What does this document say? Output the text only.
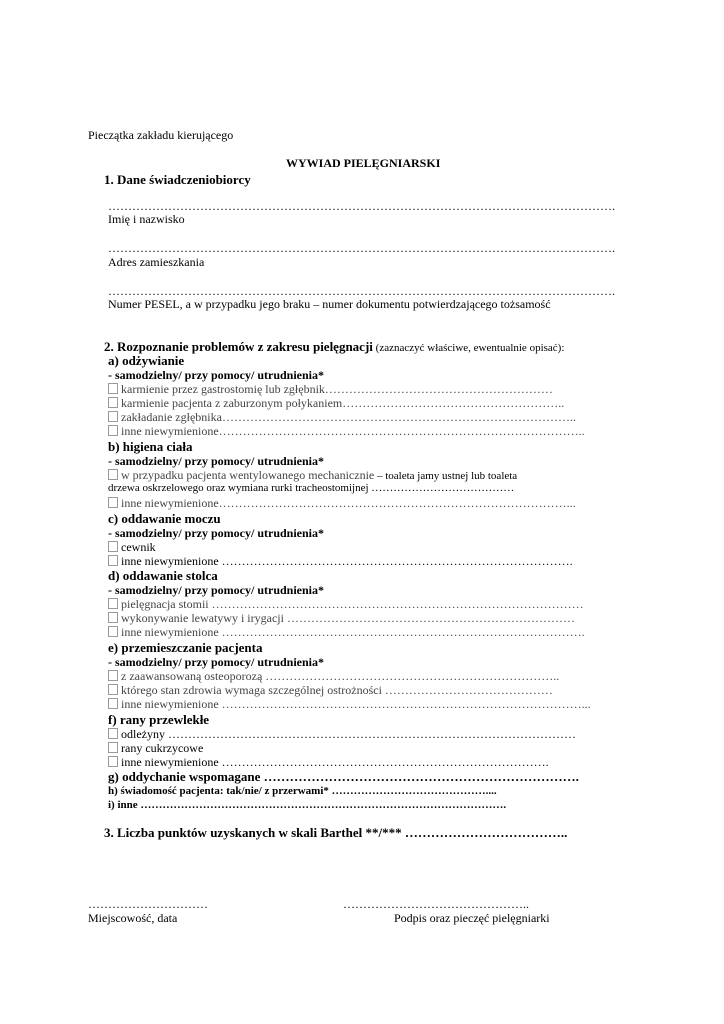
Pieczątka zakładu kierującego
WYWIAD PIELĘGNIARSKI
1. Dane świadczeniobiorcy
……………………………………………………………………………………………………………….
Imię i nazwisko
……………………………………………………………………………………………………………….
Adres zamieszkania
……………………………………………………………………………………………………………….
Numer PESEL, a w przypadku jego braku – numer dokumentu potwierdzającego tożsamość
2. Rozpoznanie problemów z zakresu pielęgnacji (zaznaczyć właściwe, ewentualnie opisać):
a) odżywianie
- samodzielny/ przy pomocy/ utrudnienia*
karmienie przez gastrostomię lub zgłębnik…………………………………………………
karmienie pacjenta z zaburzonym połykaniem………………………………………………..
zakładanie zgłębnika……………………………………………………………………………..
inne niewymienione………………………………………………………………………………..
b) higiena ciała
- samodzielny/ przy pomocy/ utrudnienia*
w przypadku pacjenta wentylowanego mechanicznie – toaleta jamy ustnej lub toaleta
drzewa oskrzelowego oraz wymiana rurki tracheostomijnej …………………………………
inne niewymienione……………………………………………………………………………...
c) oddawanie moczu
- samodzielny/ przy pomocy/ utrudnienia*
cewnik
inne niewymienione …………………………………………………………………………….
d) oddawanie stolca
- samodzielny/ przy pomocy/ utrudnienia*
pielęgnacja stomii …………………………………………………………………………………
wykonywanie lewatywy i irygacji ………………………………………………………………
inne niewymienione ……………………………………………………………………………….
e) przemieszczanie pacjenta
- samodzielny/ przy pomocy/ utrudnienia*
z zaawansowaną osteoporozą ………………………………………………………………..
którego stan zdrowia wymaga szczególnej ostrożności ……………………………………
inne niewymienione ………………………………………………………………………………...
f) rany przewlekłe
odleżyny …………………………………………………………………………………………
rany cukrzycowe
inne niewymienione ……………………………………………………………………….
g) oddychanie wspomagane ……………………………………………………………….
h) świadomość pacjenta: tak/nie/ z przerwami* ……………………………………....
i) inne ……………………………………………………………………………………….
3. Liczba punktów uzyskanych w skali Barthel **/*** ………………………………..
…………………………
Miejscowość, data
………………………………………..
Podpis oraz pieczęć pielęgniarki
